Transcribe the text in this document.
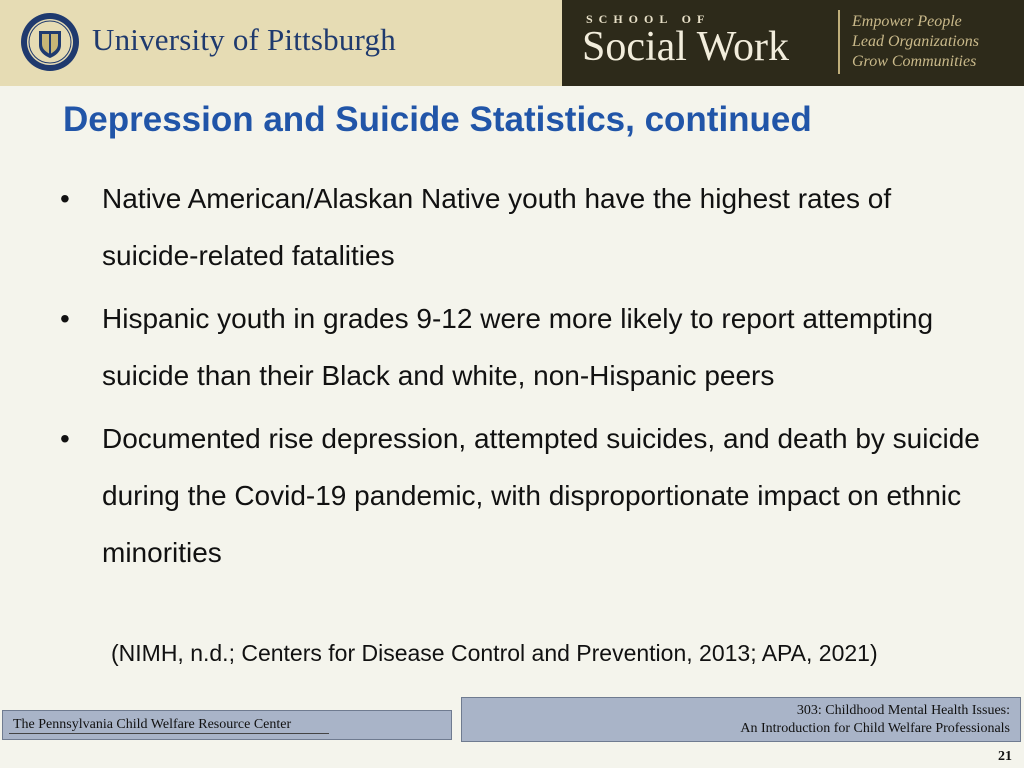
University of Pittsburgh
SCHOOL OF
Social Work
Empower People
Lead Organizations
Grow Communities
Depression and Suicide Statistics, continued
• Native American/Alaskan Native youth have the highest rates of suicide-related fatalities
• Hispanic youth in grades 9-12 were more likely to report attempting suicide than their Black and white, non-Hispanic peers
• Documented rise depression, attempted suicides, and death by suicide during the Covid-19 pandemic, with disproportionate impact on ethnic minorities
(NIMH, n.d.; Centers for Disease Control and Prevention, 2013; APA, 2021)
The Pennsylvania Child Welfare Resource Center
303: Childhood Mental Health Issues:
An Introduction for Child Welfare Professionals
21
